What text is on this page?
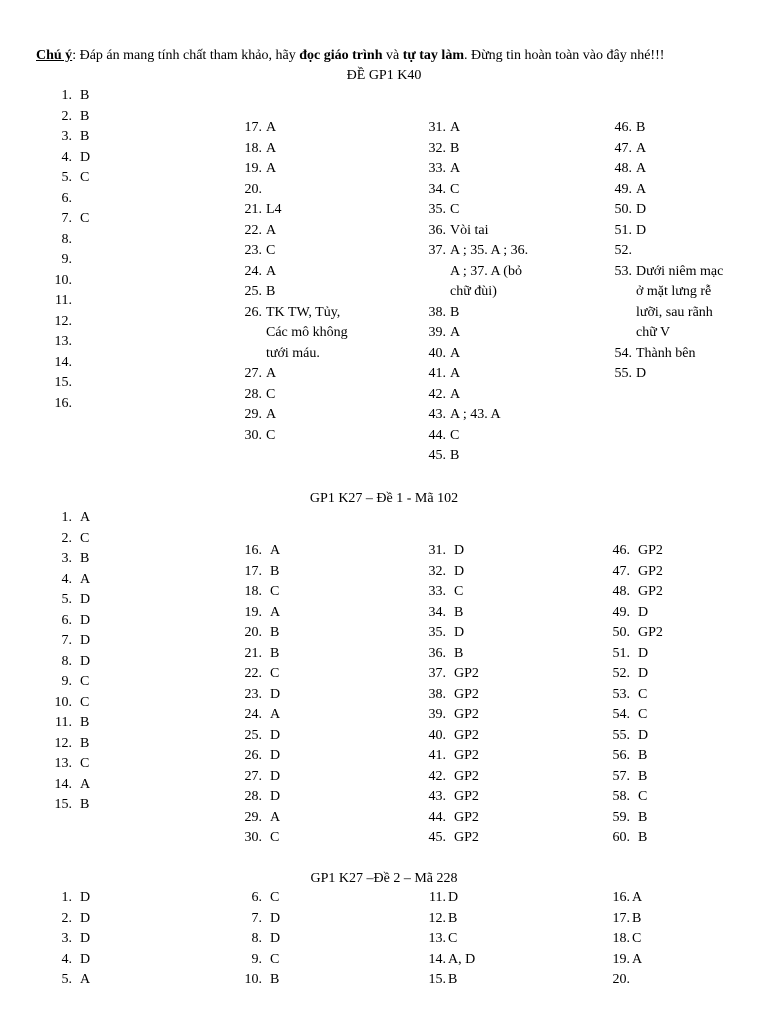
Chú ý: Đáp án mang tính chất tham khảo, hãy đọc giáo trình và tự tay làm. Đừng tin hoàn toàn vào đây nhé!!!
ĐỀ GP1 K40
GP1 K27 – Đề 1 - Mã 102
GP1 K27 –Đề 2 – Mã 228
1. B
2. B
3. B
4. D
5. C
6.
7. C
8.
9.
10.
11.
12.
13.
14.
15.
16.
17. A
18. A
19. A
20.
21. L4
22. A
23. C
24. A
25. B
26. TK TW, Tủy,
Các mô không
tưới máu.
27. A
28. C
29. A
30. C
31. A
32. B
33. A
34. C
35. C
36. Vòi tai
37. A ; 35. A ; 36.
A ; 37. A (bỏ
chữ đùi)
38. B
39. A
40. A
41. A
42. A
43. A ; 43. A
44. C
45. B
46. B
47. A
48. A
49. A
50. D
51. D
52.
53. Dưới niêm mạc
ở mặt lưng rễ
lưỡi, sau rãnh
chữ V
54. Thành bên
55. D
1. A
2. C
3. B
4. A
5. D
6. D
7. D
8. D
9. C
10. C
11. B
12. B
13. C
14. A
15. B
16. A
17. B
18. C
19. A
20. B
21. B
22. C
23. D
24. A
25. D
26. D
27. D
28. D
29. A
30. C
31. D
32. D
33. C
34. B
35. D
36. B
37. GP2
38. GP2
39. GP2
40. GP2
41. GP2
42. GP2
43. GP2
44. GP2
45. GP2
46. GP2
47. GP2
48. GP2
49. D
50. GP2
51. D
52. D
53. C
54. C
55. D
56. B
57. B
58. C
59. B
60. B
1. D
2. D
3. D
4. D
5. A
6. C
7. D
8. D
9. C
10. B
11. D
12. B
13. C
14. A, D
15. B
16. A
17. B
18. C
19. A
20.
